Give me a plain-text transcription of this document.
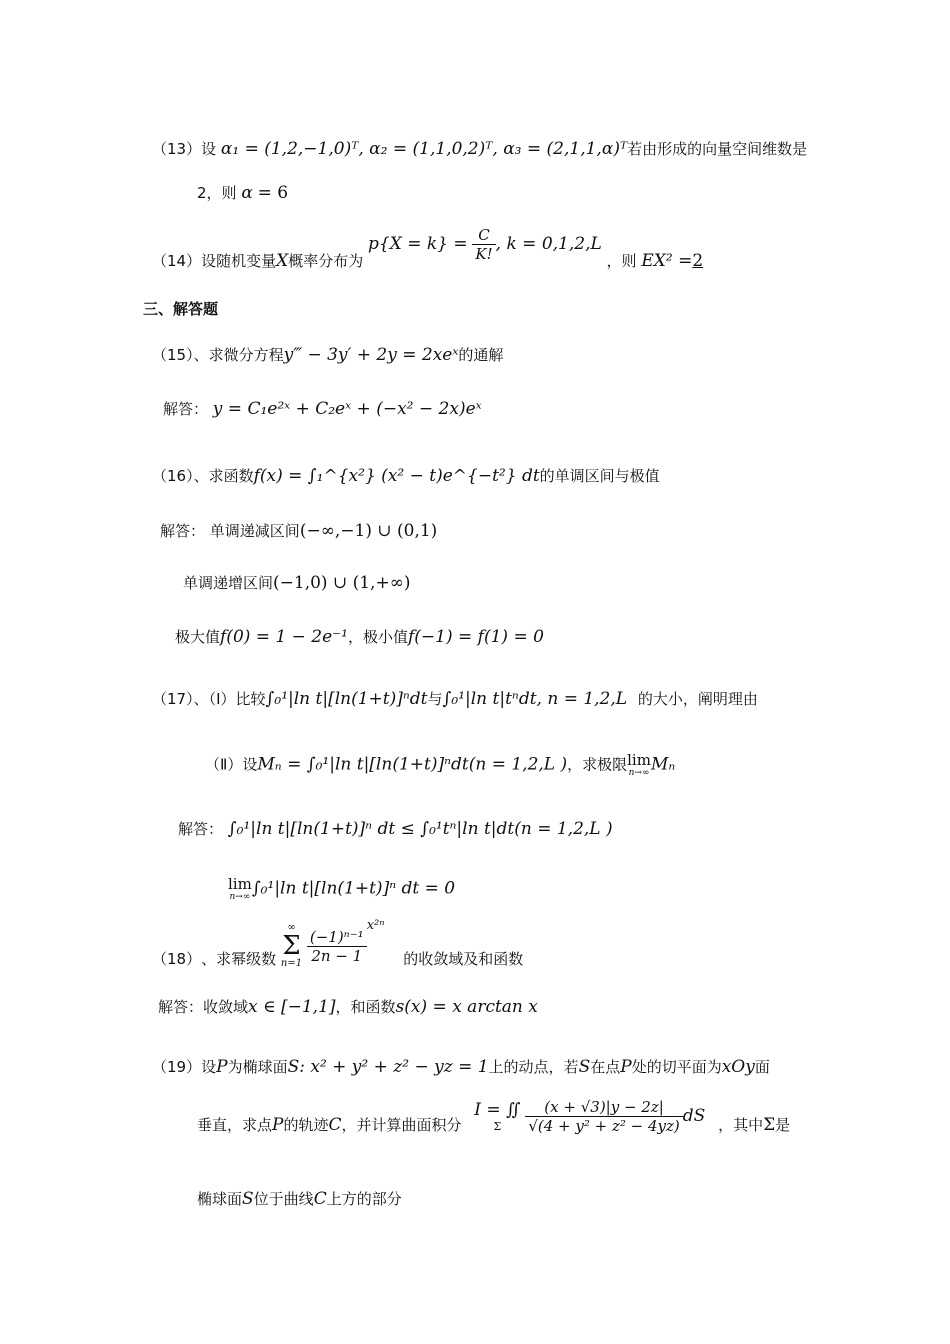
（13）设 α₁ = (1,2,−1,0)ᵀ, α₂ = (1,1,0,2)ᵀ, α₃ = (2,1,1,α)ᵀ若由形成的向量空间维数是
2，则 α = 6
（14）设随机变量X概率分布为 $p\{X = k\} = \frac{C}{K!}$ , k = 0,1,2,L ，则 EX² =2
三、解答题
（15）、求微分方程y‴ − 3y′ + 2y = 2xeˣ的通解
解答： y = C₁e²ˣ + C₂eˣ + (−x² − 2x)eˣ
（16）、求函数f(x) = ∫₁^{x²} (x² − t)e^{−t²} dt的单调区间与极值
解答： 单调递减区间(−∞,−1) ∪ (0,1)
单调递增区间(−1,0) ∪ (1,+∞)
极大值f(0) = 1 − 2e⁻¹，极小值f(−1) = f(1) = 0
（17）、（Ⅰ）比较∫₀¹|ln t|[ln(1+t)]ⁿdt与∫₀¹|ln t|tⁿdt, n = 1,2,L 的大小，阐明理由
（Ⅱ）设Mₙ = ∫₀¹|ln t|[ln(1+t)]ⁿdt(n = 1,2,L )，求极限 lim
n→∞ Mₙ
解答： ∫₀¹|ln t|[ln(1+t)]ⁿ dt ≤ ∫₀¹tⁿ|ln t|dt(n = 1,2,L )
lim
n→∞ ∫₀¹|ln t|[ln(1+t)]ⁿ dt = 0
（18）、求幂级数
∞
Σ
n=1
$\frac{\text{(−1)ⁿ⁻¹}}{2n - 1}$
x²ⁿ 的收敛域及和函数
解答：收敛域x ∈ [−1,1]，和函数s(x) = x arctan x
（19）设P为椭球面S: x² + y² + z² − yz = 1上的动点，若S在点P处的切平面为xOy面
垂直，求点P的轨迹C，并计算曲面积分
I = ∬
Σ
	$\frac{(x + √3)|y - 2z|}{\text{√(4 + y² + z² − 4yz)}}$ dS ，其中Σ是
椭球面S位于曲线C上方的部分
